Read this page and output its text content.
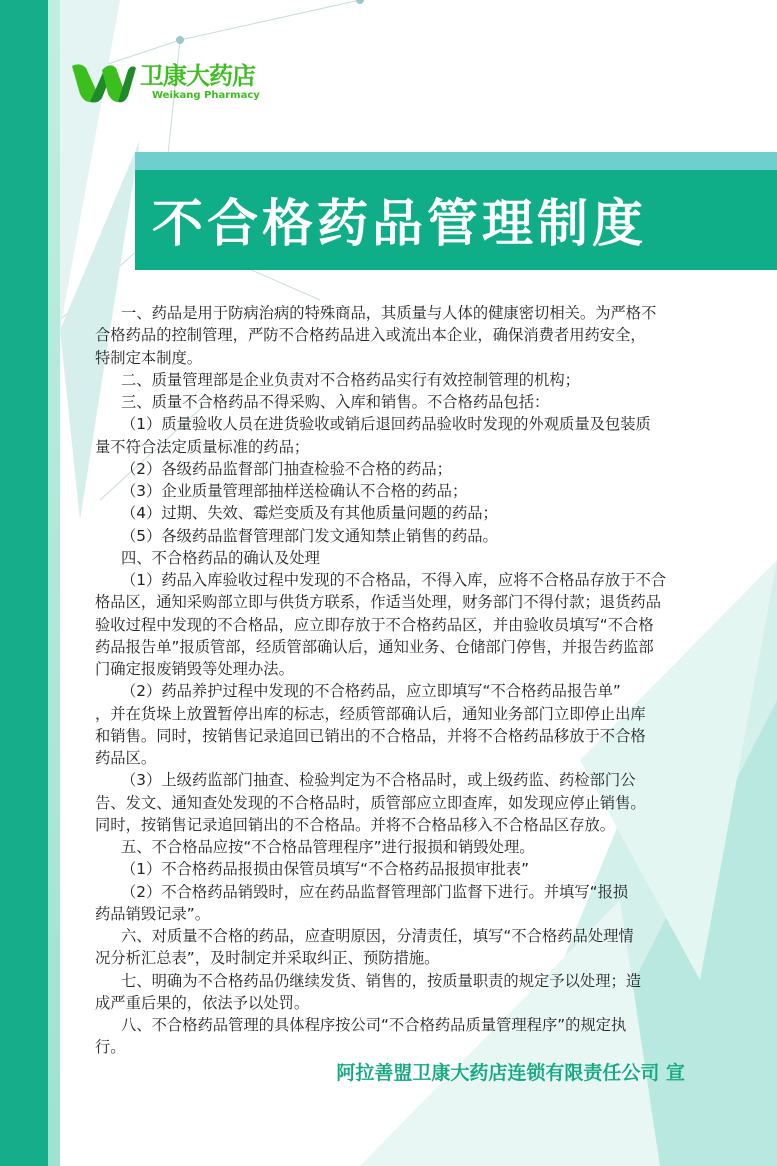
卫康大药店
Weikang Pharmacy
不合格药品管理制度
一、药品是用于防病治病的特殊商品，其质量与人体的健康密切相关。为严格不
合格药品的控制管理，严防不合格药品进入或流出本企业，确保消费者用药安全，
特制定本制度。
二、质量管理部是企业负责对不合格药品实行有效控制管理的机构；
三、质量不合格药品不得采购、入库和销售。不合格药品包括：
（1）质量验收人员在进货验收或销后退回药品验收时发现的外观质量及包装质
量不符合法定质量标准的药品；
（2）各级药品监督部门抽查检验不合格的药品；
（3）企业质量管理部抽样送检确认不合格的药品；
（4）过期、失效、霉烂变质及有其他质量问题的药品；
（5）各级药品监督管理部门发文通知禁止销售的药品。
四、不合格药品的确认及处理
（1）药品入库验收过程中发现的不合格品，不得入库，应将不合格品存放于不合
格品区，通知采购部立即与供货方联系，作适当处理，财务部门不得付款；退货药品
验收过程中发现的不合格品，应立即存放于不合格药品区，并由验收员填写“不合格
药品报告单”报质管部，经质管部确认后，通知业务、仓储部门停售，并报告药监部
门确定报废销毁等处理办法。
（2）药品养护过程中发现的不合格药品，应立即填写“不合格药品报告单”
，并在货垛上放置暂停出库的标志，经质管部确认后，通知业务部门立即停止出库
和销售。同时，按销售记录追回已销出的不合格品，并将不合格药品移放于不合格
药品区。
（3）上级药监部门抽查、检验判定为不合格品时，或上级药监、药检部门公
告、发文、通知查处发现的不合格品时，质管部应立即查库，如发现应停止销售。
同时，按销售记录追回销出的不合格品。并将不合格品移入不合格品区存放。
五、不合格品应按“不合格品管理程序”进行报损和销毁处理。
（1）不合格药品报损由保管员填写“不合格药品报损审批表”
（2）不合格药品销毁时，应在药品监督管理部门监督下进行。并填写“报损
药品销毁记录”。
六、对质量不合格的药品，应查明原因，分清责任，填写“不合格药品处理情
况分析汇总表”，及时制定并采取纠正、预防措施。
七、明确为不合格药品仍继续发货、销售的，按质量职责的规定予以处理；造
成严重后果的，依法予以处罚。
八、不合格药品管理的具体程序按公司“不合格药品质量管理程序”的规定执
行。
阿拉善盟卫康大药店连锁有限责任公司 宣
